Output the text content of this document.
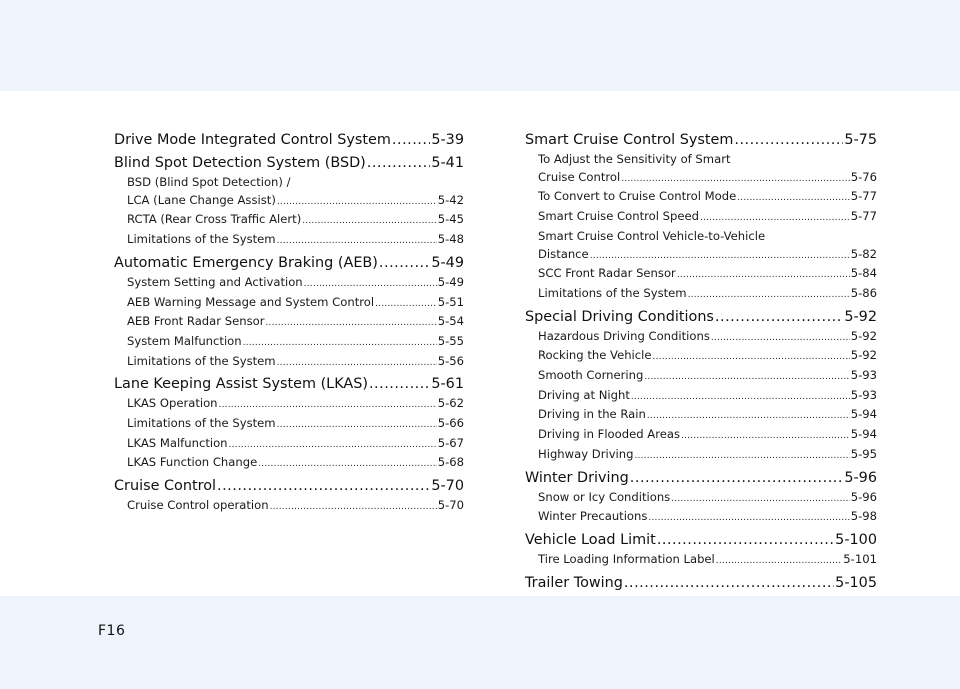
Drive Mode Integrated Control System .....	5-39
Blind Spot Detection System (BSD) .....	5-41
BSD (Blind Spot Detection) /
LCA (Lane Change Assist) .....	5-42
RCTA (Rear Cross Traffic Alert) .....	5-45
Limitations of the System .....	5-48
Automatic Emergency Braking (AEB) .....	5-49
System Setting and Activation .....	5-49
AEB Warning Message and System Control .....	5-51
AEB Front Radar Sensor .....	5-54
System Malfunction .....	5-55
Limitations of the System .....	5-56
Lane Keeping Assist System (LKAS) .....	5-61
LKAS Operation .....	5-62
Limitations of the System .....	5-66
LKAS Malfunction .....	5-67
LKAS Function Change .....	5-68
Cruise Control .....	5-70
Cruise Control operation .....	5-70
Smart Cruise Control System .....	5-75
To Adjust the Sensitivity of Smart
Cruise Control .....	5-76
To Convert to Cruise Control Mode .....	5-77
Smart Cruise Control Speed .....	5-77
Smart Cruise Control Vehicle-to-Vehicle
Distance .....	5-82
SCC Front Radar Sensor .....	5-84
Limitations of the System .....	5-86
Special Driving Conditions .....	5-92
Hazardous Driving Conditions .....	5-92
Rocking the Vehicle .....	5-92
Smooth Cornering .....	5-93
Driving at Night .....	5-93
Driving in the Rain .....	5-94
Driving in Flooded Areas .....	5-94
Highway Driving .....	5-95
Winter Driving .....	5-96
Snow or Icy Conditions .....	5-96
Winter Precautions .....	5-98
Vehicle Load Limit .....	5-100
Tire Loading Information Label .....	5-101
Trailer Towing .....	5-105
F16
